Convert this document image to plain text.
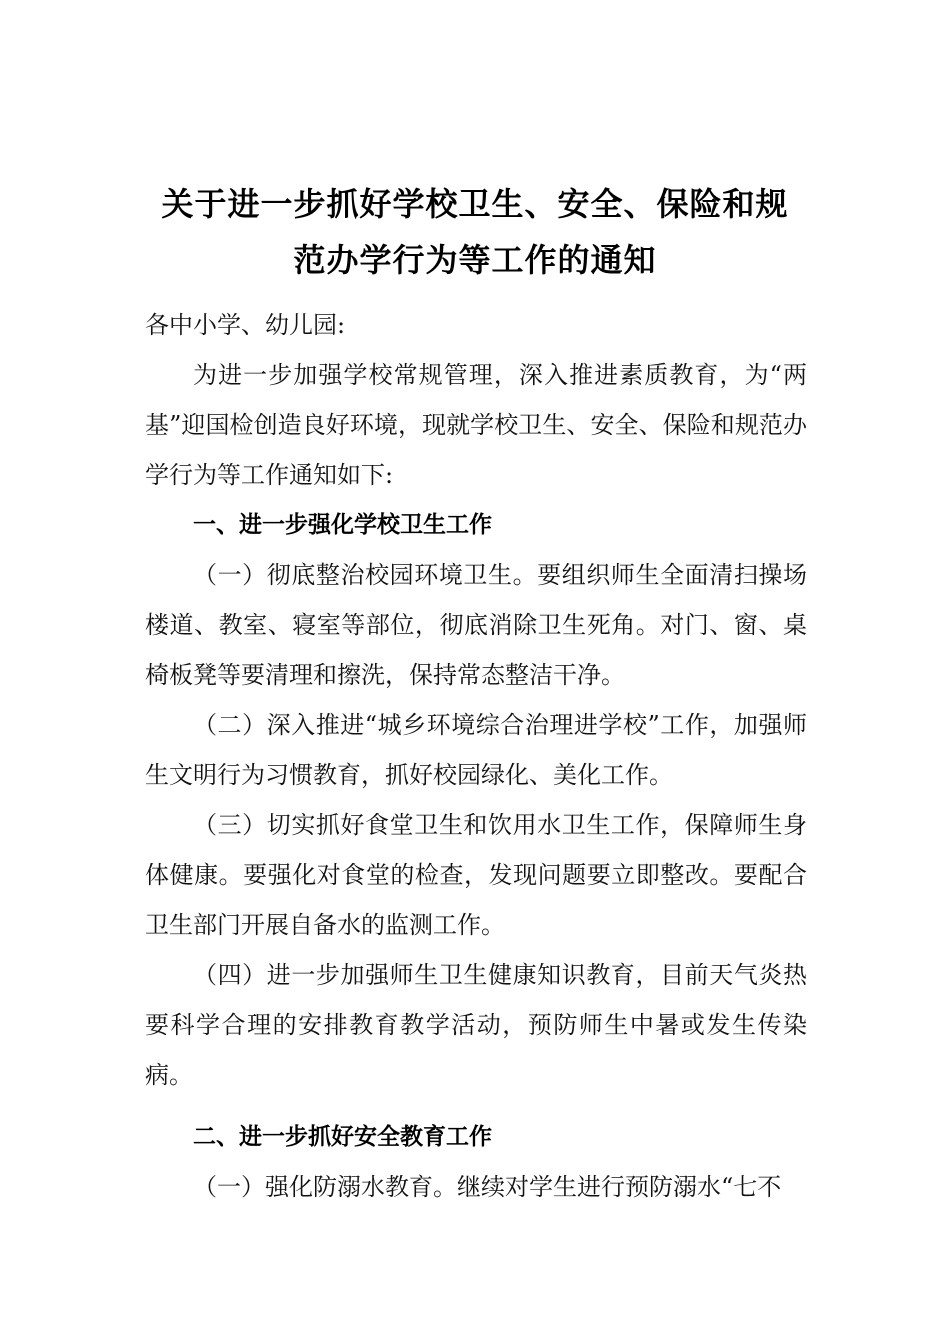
关于进一步抓好学校卫生、安全、保险和规
范办学行为等工作的通知

各中小学、幼儿园:

为进一步加强学校常规管理，深入推进素质教育，为“两基”迎国检创造良好环境，现就学校卫生、安全、保险和规范办学行为等工作通知如下:

一、进一步强化学校卫生工作

（一）彻底整治校园环境卫生。要组织师生全面清扫操场楼道、教室、寝室等部位，彻底消除卫生死角。对门、窗、桌椅板凳等要清理和擦洗，保持常态整洁干净。

（二）深入推进“城乡环境综合治理进学校”工作，加强师生文明行为习惯教育，抓好校园绿化、美化工作。

（三）切实抓好食堂卫生和饮用水卫生工作，保障师生身体健康。要强化对食堂的检查，发现问题要立即整改。要配合卫生部门开展自备水的监测工作。

（四）进一步加强师生卫生健康知识教育，目前天气炎热要科学合理的安排教育教学活动，预防师生中暑或发生传染病。

二、进一步抓好安全教育工作

（一）强化防溺水教育。继续对学生进行预防溺水“七不
